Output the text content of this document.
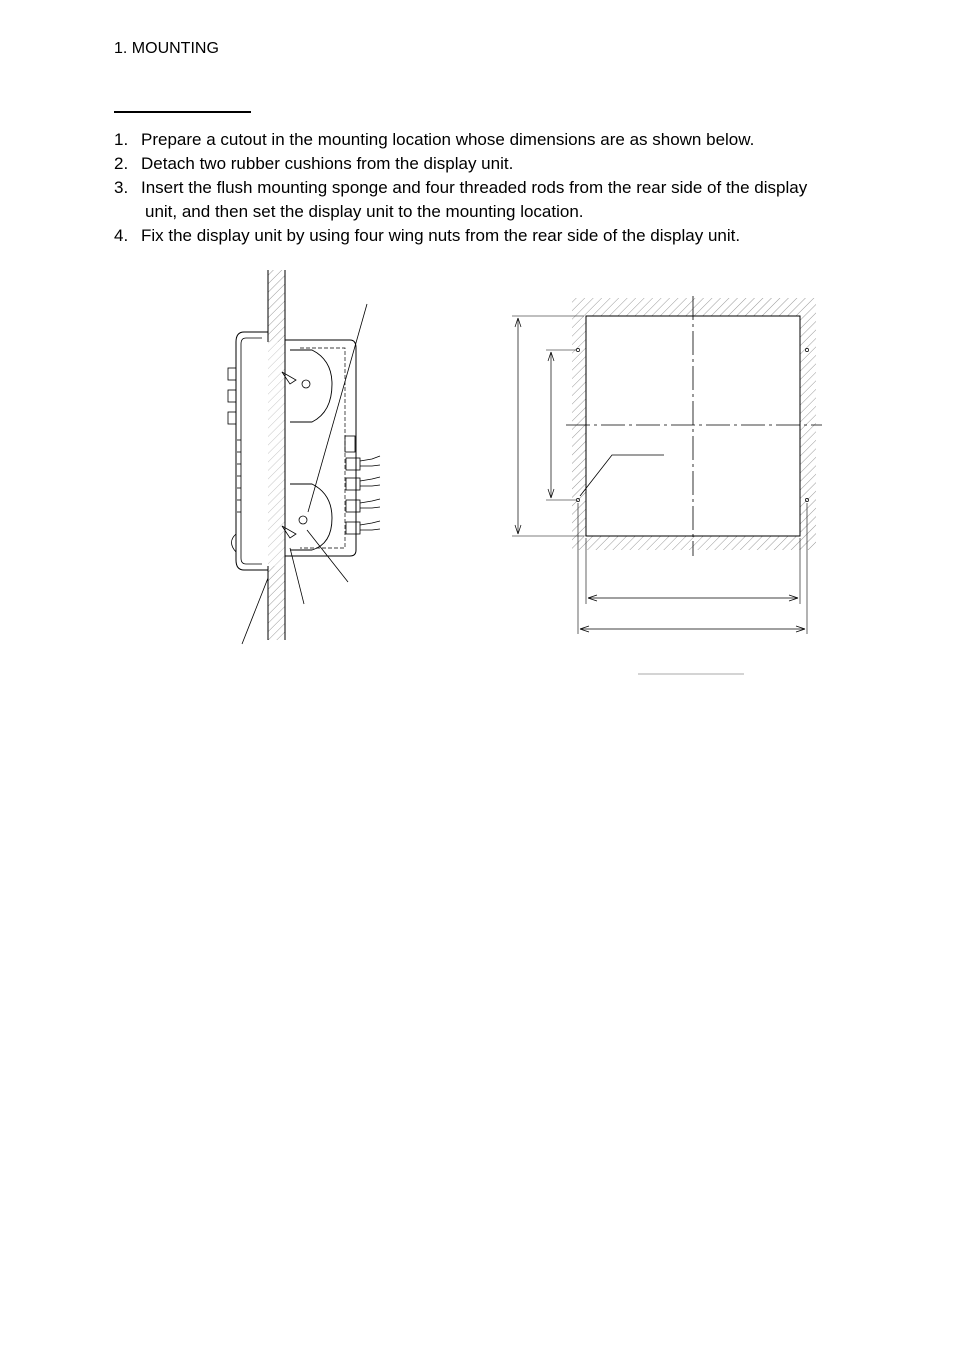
1. MOUNTING
1. Prepare a cutout in the mounting location whose dimensions are as shown below.
2. Detach two rubber cushions from the display unit.
3. Insert the flush mounting sponge and four threaded rods from the rear side of the display
unit, and then set the display unit to the mounting location.
4. Fix the display unit by using four wing nuts from the rear side of the display unit.
